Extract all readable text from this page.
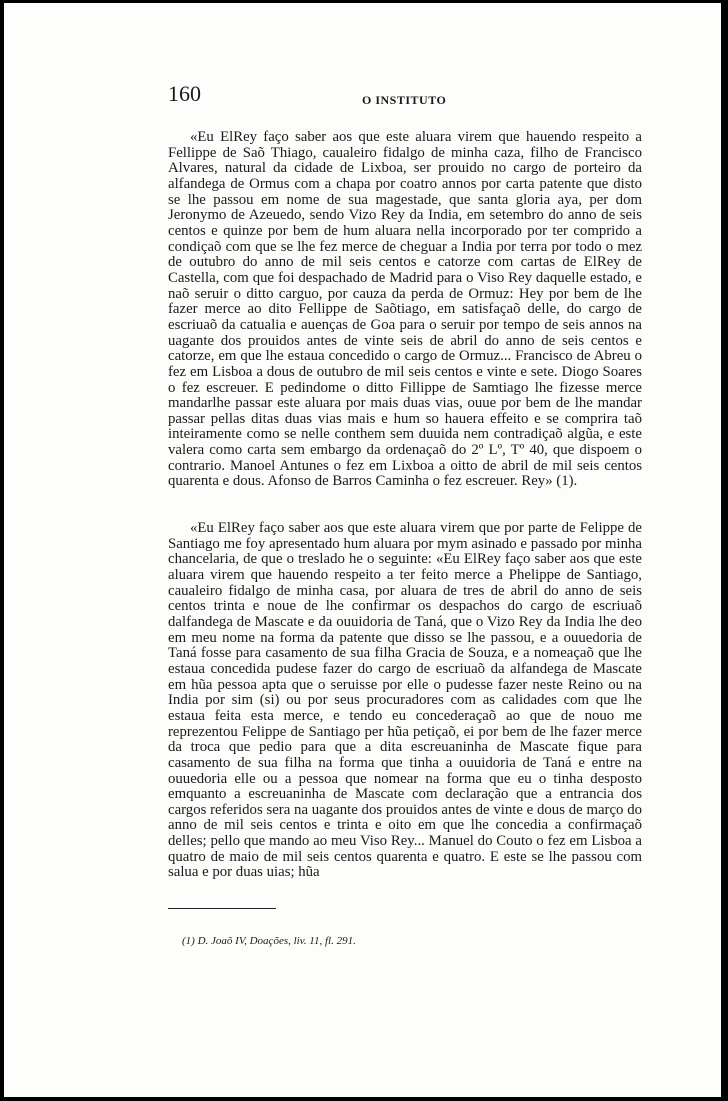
160	O INSTITUTO

«Eu ElRey faço saber aos que este aluara virem que hauendo respeito a Fellippe de Saõ Thiago, caualeiro fidalgo de minha caza, filho de Francisco Alvares, natural da cidade de Lixboa, ser prouido no cargo de porteiro da alfandega de Ormus com a chapa por coatro annos por carta patente que disto se lhe passou em nome de sua magestade, que santa gloria aya, per dom Jeronymo de Azeuedo, sendo Vizo Rey da India, em setembro do anno de seis centos e quinze por bem de hum aluara nella incorporado por ter comprido a condiçaõ com que se lhe fez merce de cheguar a India por terra por todo o mez de outubro do anno de mil seis centos e catorze com cartas de ElRey de Castella, com que foi despachado de Madrid para o Viso Rey daquelle estado, e naõ seruir o ditto carguo, por cauza da perda de Ormuz: Hey por bem de lhe fazer merce ao dito Fellippe de Saõtiago, em satisfaçaõ delle, do cargo de escriuaõ da catualia e auenças de Goa para o seruir por tempo de seis annos na uagante dos prouidos antes de vinte seis de abril do anno de seis centos e catorze, em que lhe estaua concedido o cargo de Ormuz... Francisco de Abreu o fez em Lisboa a dous de outubro de mil seis centos e vinte e sete. Diogo Soares o fez escreuer. E pedindome o ditto Fillippe de Samtiago lhe fizesse merce mandarlhe passar este aluara por mais duas vias, ouue por bem de lhe mandar passar pellas ditas duas vias mais e hum so hauera effeito e se comprira taõ inteiramente como se nelle conthem sem duuida nem contradiçaõ algũa, e este valera como carta sem embargo da ordenaçaõ do 2º Lº, Tº 40, que dispoem o contrario. Manoel Antunes o fez em Lixboa a oitto de abril de mil seis centos quarenta e dous. Afonso de Barros Caminha o fez escreuer. Rey» (1).

«Eu ElRey faço saber aos que este aluara virem que por parte de Felippe de Santiago me foy apresentado hum aluara por mym asinado e passado por minha chancelaria, de que o treslado he o seguinte: «Eu ElRey faço saber aos que este aluara virem que hauendo respeito a ter feito merce a Phelippe de Santiago, caualeiro fidalgo de minha casa, por aluara de tres de abril do anno de seis centos trinta e noue de lhe confirmar os despachos do cargo de escriuaõ dalfandega de Mascate e da ouuidoria de Taná, que o Vizo Rey da India lhe deo em meu nome na forma da patente que disso se lhe passou, e a ouuedoria de Taná fosse para casamento de sua filha Gracia de Souza, e a nomeaçaõ que lhe estaua concedida pudese fazer do cargo de escriuaõ da alfandega de Mascate em hũa pessoa apta que o seruisse por elle o pudesse fazer neste Reino ou na India por sim (si) ou por seus procuradores com as calidades com que lhe estaua feita esta merce, e tendo eu concederaçaõ ao que de nouo me reprezentou Felippe de Santiago per hũa petiçaõ, ei por bem de lhe fazer merce da troca que pedio para que a dita escreuaninha de Mascate fique para casamento de sua filha na forma que tinha a ouuidoria de Taná e entre na ouuedoria elle ou a pessoa que nomear na forma que eu o tinha desposto emquanto a escreuaninha de Mascate com declaração que a entrancia dos cargos referidos sera na uagante dos prouidos antes de vinte e dous de março do anno de mil seis centos e trinta e oito em que lhe concedia a confirmaçaõ delles; pello que mando ao meu Viso Rey... Manuel do Couto o fez em Lisboa a quatro de maio de mil seis centos quarenta e quatro. E este se lhe passou com salua e por duas uias; hũa

(1) D. Joaõ IV, Doações, liv. 11, fl. 291.
